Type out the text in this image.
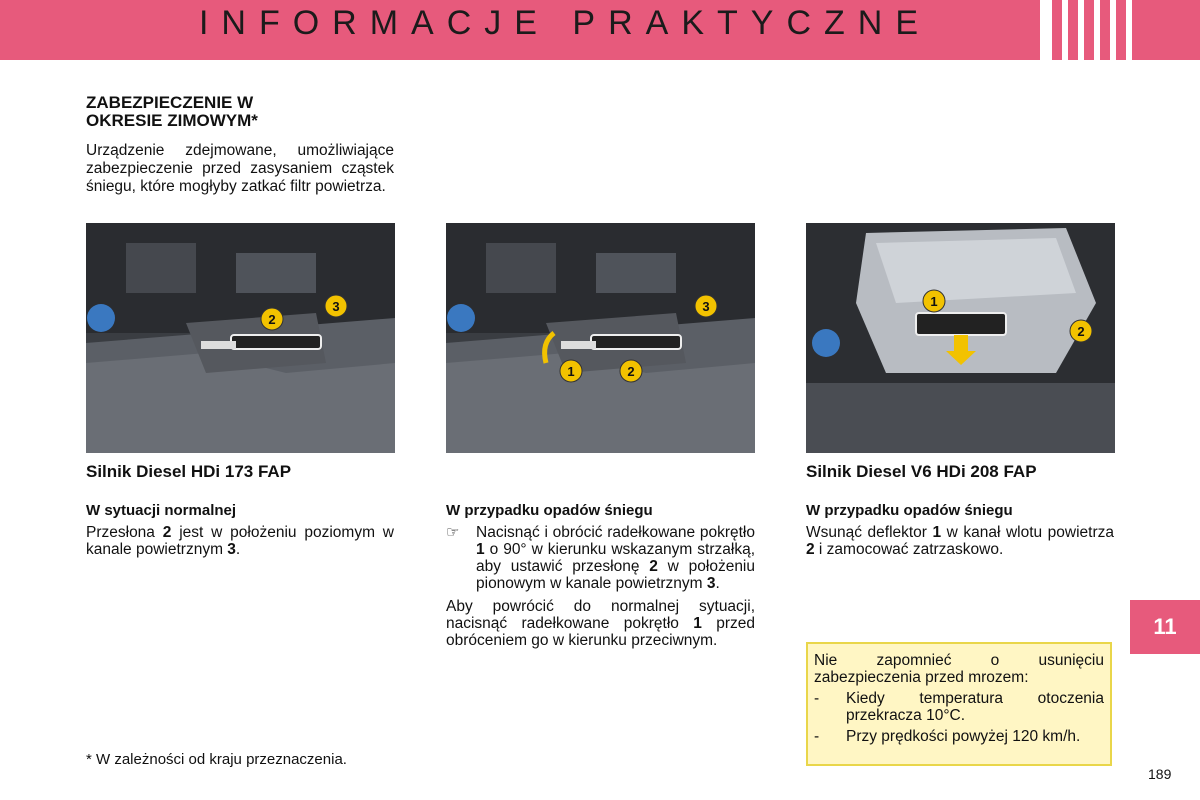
INFORMACJE PRAKTYCZNE
11
ZABEZPIECZENIE W
OKRESIE ZIMOWYM*
Urządzenie zdejmowane, umożliwiające zabezpieczenie przed zasysaniem cząstek śniegu, które mogłyby zatkać filtr powietrza.
2
3	3
1	2
1
2
Silnik Diesel HDi 173 FAP	Silnik Diesel V6 HDi 208 FAP
W sytuacji normalnej
Przesłona 2 jest w położeniu poziomym w kanale powietrznym 3.
W przypadku opadów śniegu
☞	Nacisnąć i obrócić radełkowane pokrętło 1 o 90° w kierunku wskazanym strzałką, aby ustawić przesłonę 2 w położeniu pionowym w kanale powietrznym 3.
Aby powrócić do normalnej sytuacji, nacisnąć radełkowane pokrętło 1 przed obróceniem go w kierunku przeciwnym.
W przypadku opadów śniegu
Wsunąć deflektor 1 w kanał wlotu powietrza 2 i zamocować zatrzaskowo.
Nie zapomnieć o usunięciu zabezpieczenia przed mrozem:
-	Kiedy temperatura otoczenia przekracza 10°C.
-	Przy prędkości powyżej 120 km/h.
* W zależności od kraju przeznaczenia.
189
